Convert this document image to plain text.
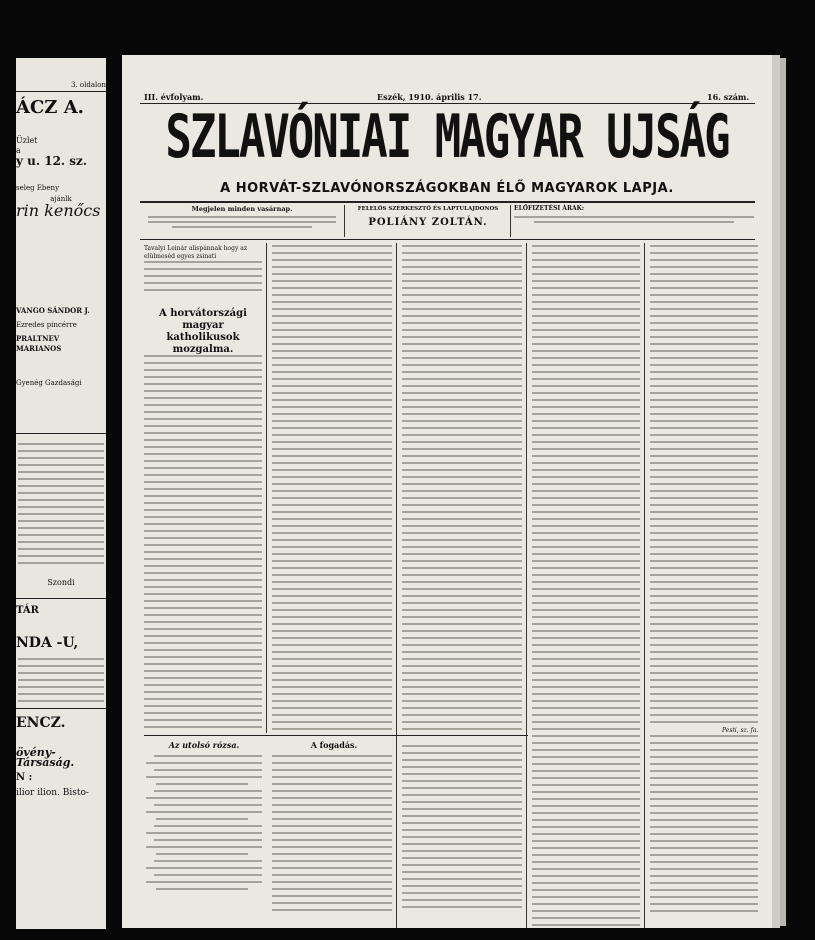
3. oldalon
ÁCZ A.
Üzlet
a
y u. 12. sz.
seleg Ebeny
ajánlk
rin kenőcs
VANGO SÁNDOR J.
Ezredes pincérre
PRALTNEV MARIANOS
Gyenég Gazdasági
Szondi
TÁR
NDA -U,
ENCZ.
övény-Társaság.
N :
ilior ilion. Bisto-
III. évfolyam.	Eszék, 1910. április 17.	16. szám.
SZLAVÓNIAI MAGYAR UJSÁG
A HORVÁT-SZLAVÓNORSZÁGOKBAN ÉLŐ MAGYAROK LAPJA.
Megjelen minden vasárnap.	FELELŐS SZERKESZTŐ ÉS LAPTULAJDONOS
POLIÁNY ZOLTÁN.
ELŐFIZETÉSI ÁRAK:
Tavalyi Leinár alispánnak hogy az elülmeséd egyes zsinati
A horvátországi magyar katholikusok mozgalma.
Pesti, sz. fa.
Az utolsó rózsa.	A fogadás.
